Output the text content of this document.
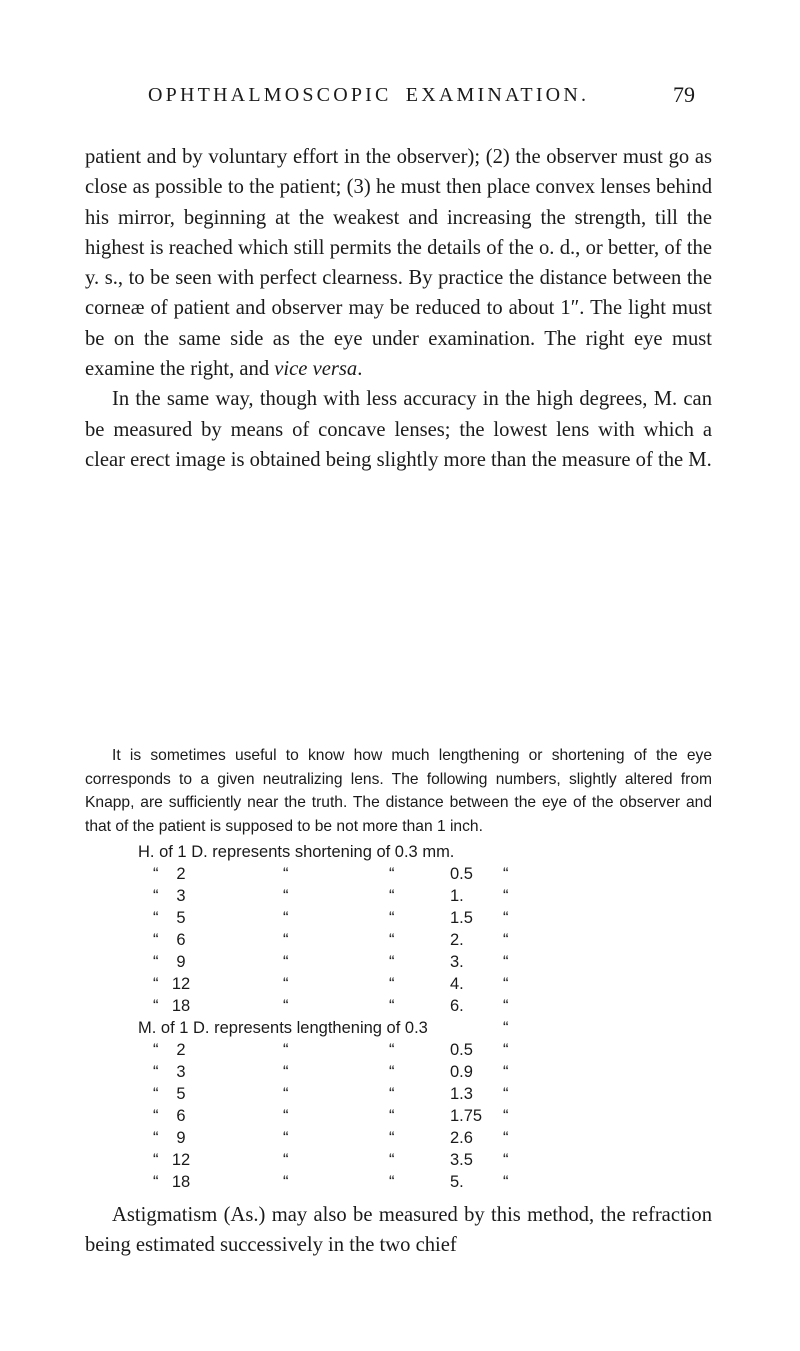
OPHTHALMOSCOPIC EXAMINATION.	79

patient and by voluntary effort in the observer); (2) the observer must go as close as possible to the patient; (3) he must then place convex lenses behind his mirror, beginning at the weakest and increasing the strength, till the highest is reached which still permits the details of the o. d., or better, of the y. s., to be seen with perfect clearness. By practice the distance between the corneæ of patient and observer may be reduced to about 1″. The light must be on the same side as the eye under examination. The right eye must examine the right, and vice versa.

In the same way, though with less accuracy in the high degrees, M. can be measured by means of concave lenses; the lowest lens with which a clear erect image is obtained being slightly more than the measure of the M.

It is sometimes useful to know how much lengthening or shortening of the eye corresponds to a given neutralizing lens. The following numbers, slightly altered from Knapp, are sufficiently near the truth. The distance between the eye of the observer and that of the patient is supposed to be not more than 1 inch.

H. of 1 D. represents shortening of 0.3 mm.
“	2	“	“	0.5 “
“	3	“	“	1. “
“	5	“	“	1.5 “
“	6	“	“	2. “
“	9	“	“	3. “
“ 12	“	“	4. “
“ 18	“	“	6. “
M. of 1 D. represents lengthening of 0.3	“
“	2	“	“	0.5 “
“	3	“	“	0.9 “
“	5	“	“	1.3 “
“	6	“	“	1.75 “
“	9	“	“	2.6 “
“ 12	“	“	3.5 “
“ 18	“	“	5. “

Astigmatism (As.) may also be measured by this method, the refraction being estimated successively in the two chief
